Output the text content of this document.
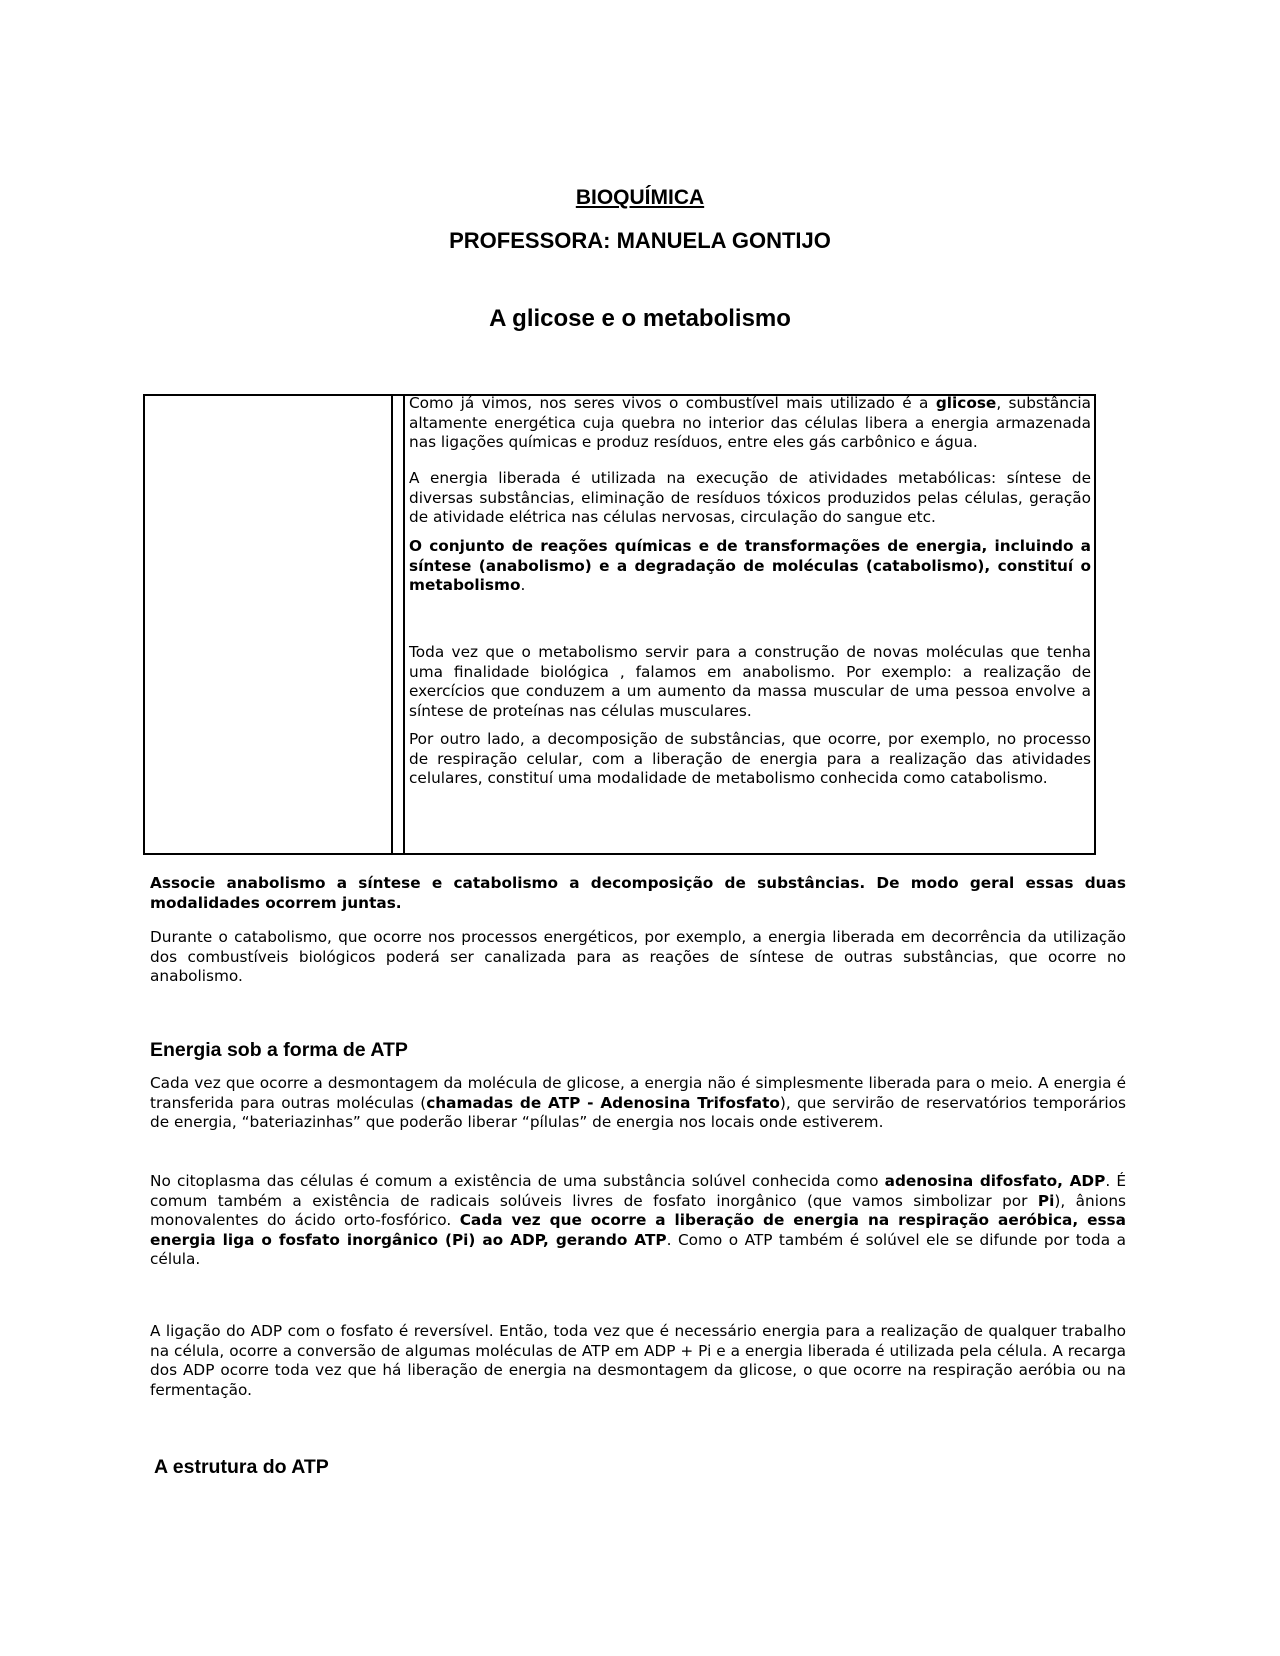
BIOQUÍMICA
PROFESSORA: MANUELA GONTIJO
A glicose e o metabolismo

Como já vimos, nos seres vivos o combustível mais utilizado é a glicose, substância altamente energética cuja quebra no interior das células libera a energia armazenada nas ligações químicas e produz resíduos, entre eles gás carbônico e água.

A energia liberada é utilizada na execução de atividades metabólicas: síntese de diversas substâncias, eliminação de resíduos tóxicos produzidos pelas células, geração de atividade elétrica nas células nervosas, circulação do sangue etc.

O conjunto de reações químicas e de transformações de energia, incluindo a síntese (anabolismo) e a degradação de moléculas (catabolismo), constituí o metabolismo.

Toda vez que o metabolismo servir para a construção de novas moléculas que tenha uma finalidade biológica , falamos em anabolismo. Por exemplo: a realização de exercícios que conduzem a um aumento da massa muscular de uma pessoa envolve a síntese de proteínas nas células musculares.

Por outro lado, a decomposição de substâncias, que ocorre, por exemplo, no processo de respiração celular, com a liberação de energia para a realização das atividades celulares, constituí uma modalidade de metabolismo conhecida como catabolismo.

Associe anabolismo a síntese e catabolismo a decomposição de substâncias. De modo geral essas duas modalidades ocorrem juntas.

Durante o catabolismo, que ocorre nos processos energéticos, por exemplo, a energia liberada em decorrência da utilização dos combustíveis biológicos poderá ser canalizada para as reações de síntese de outras substâncias, que ocorre no anabolismo.

Energia sob a forma de ATP

Cada vez que ocorre a desmontagem da molécula de glicose, a energia não é simplesmente liberada para o meio. A energia é transferida para outras moléculas (chamadas de ATP - Adenosina Trifosfato), que servirão de reservatórios temporários de energia, “bateriazinhas” que poderão liberar “pílulas” de energia nos locais onde estiverem.

No citoplasma das células é comum a existência de uma substância solúvel conhecida como adenosina difosfato, ADP. É comum também a existência de radicais solúveis livres de fosfato inorgânico (que vamos simbolizar por Pi), ânions monovalentes do ácido orto-fosfórico. Cada vez que ocorre a liberação de energia na respiração aeróbica, essa energia liga o fosfato inorgânico (Pi) ao ADP, gerando ATP. Como o ATP também é solúvel ele se difunde por toda a célula.

A ligação do ADP com o fosfato é reversível. Então, toda vez que é necessário energia para a realização de qualquer trabalho na célula, ocorre a conversão de algumas moléculas de ATP em ADP + Pi e a energia liberada é utilizada pela célula. A recarga dos ADP ocorre toda vez que há liberação de energia na desmontagem da glicose, o que ocorre na respiração aeróbia ou na fermentação.

A estrutura do ATP
